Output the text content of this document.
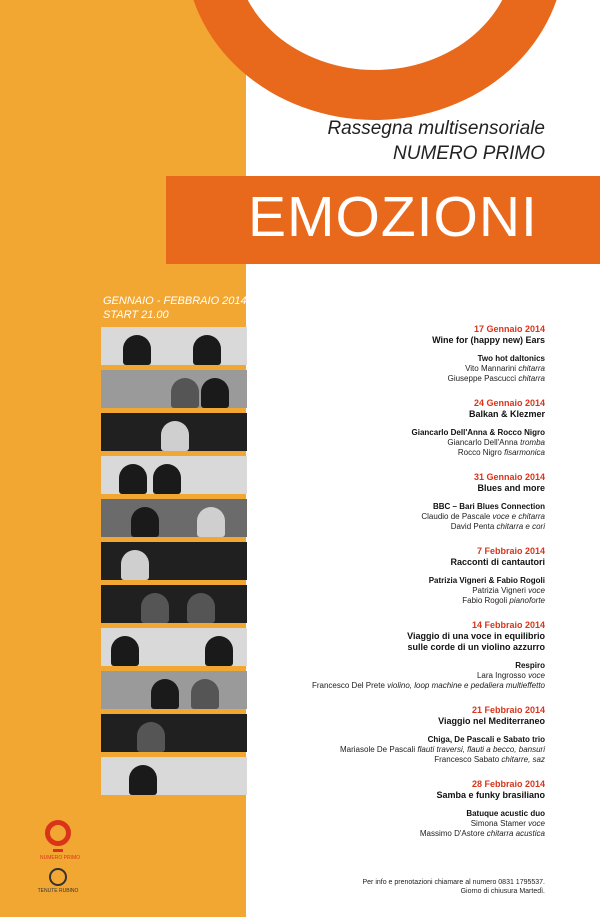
Rassegna multisensoriale
NUMERO PRIMO
EMOZIONI
GENNAIO - FEBBRAIO 2014
START 21.00
17 Gennaio 2014
Wine for (happy new) Ears
Two hot daltonics
Vito Mannarini chitarra
Giuseppe Pascucci chitarra
24 Gennaio 2014
Balkan & Klezmer
Giancarlo Dell'Anna & Rocco Nigro
Giancarlo Dell'Anna tromba
Rocco Nigro fisarmonica
31 Gennaio 2014
Blues and more
BBC – Bari Blues Connection
Claudio de Pascale voce e chitarra
David Penta chitarra e cori
7 Febbraio 2014
Racconti di cantautori
Patrizia Vigneri & Fabio Rogoli
Patrizia Vigneri voce
Fabio Rogoli pianoforte
14 Febbraio 2014
Viaggio di una voce in equilibrio
sulle corde di un violino azzurro
Respiro
Lara Ingrosso voce
Francesco Del Prete violino, loop machine e pedaliera multieffetto
21 Febbraio 2014
Viaggio nel Mediterraneo
Chiga, De Pascali e Sabato trio
Mariasole De Pascali flauti traversi, flauti a becco, bansuri
Francesco Sabato chitarre, saz
28 Febbraio 2014
Samba e funky brasiliano
Batuque acustic duo
Simona Stamer voce
Massimo D'Astore chitarra acustica
Per info e prenotazioni chiamare al numero 0831 1795537.
Giorno di chiusura Martedì.
NUMERO PRIMO
TENUTE RUBINO
